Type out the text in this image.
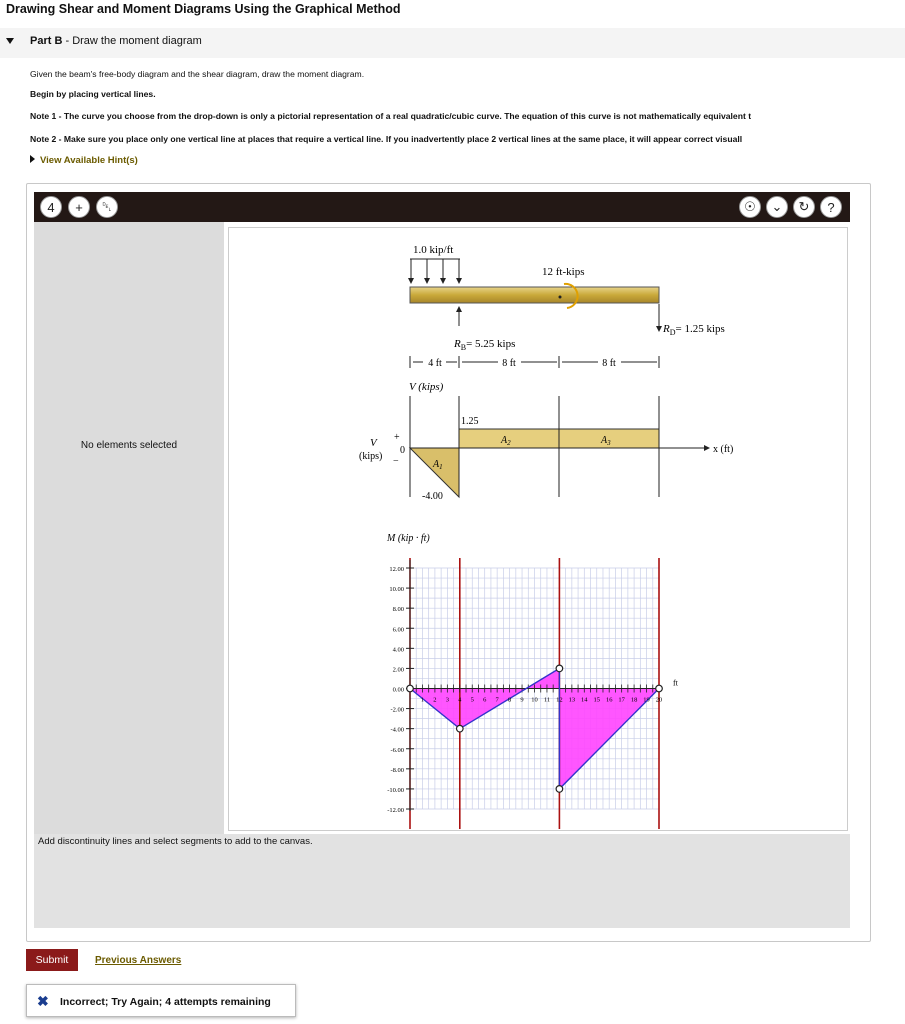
Drawing Shear and Moment Diagrams Using the Graphical Method
Part B - Draw the moment diagram
Given the beam's free-body diagram and the shear diagram, draw the moment diagram.
Begin by placing vertical lines.
Note 1 - The curve you choose from the drop-down is only a pictorial representation of a real quadratic/cubic curve. The equation of this curve is not mathematically equivalent t
Note 2 - Make sure you place only one vertical line at places that require a vertical line. If you inadvertently place 2 vertical lines at the same place, it will appear correct visuall
View Available Hint(s)
4 + ␡	☉ ⌄ ↻ ?
No elements selected
1.0 kip/ft
12 ft-kips
$R_B= 5.25$ kips
$R_D= 1.25$ kips
4 ft	8 ft	8 ft
V (kips)
x (ft)
1.25
-4.00
$A_1$
$A_2$	$A_3$
V
(kips)
+
0
−
M (kip · ft)
12.00
10.00
8.00
6.00
4.00
2.00
0.00
-2.00
-4.00
-6.00
-8.00
-10.00
-12.00
1 2 3 4 5 6 7 8 9 10 11 12 13 14 15 16 17 18 19 20
ft
Add discontinuity lines and select segments to add to the canvas.
Submit	Previous Answers
✖ Incorrect; Try Again; 4 attempts remaining
